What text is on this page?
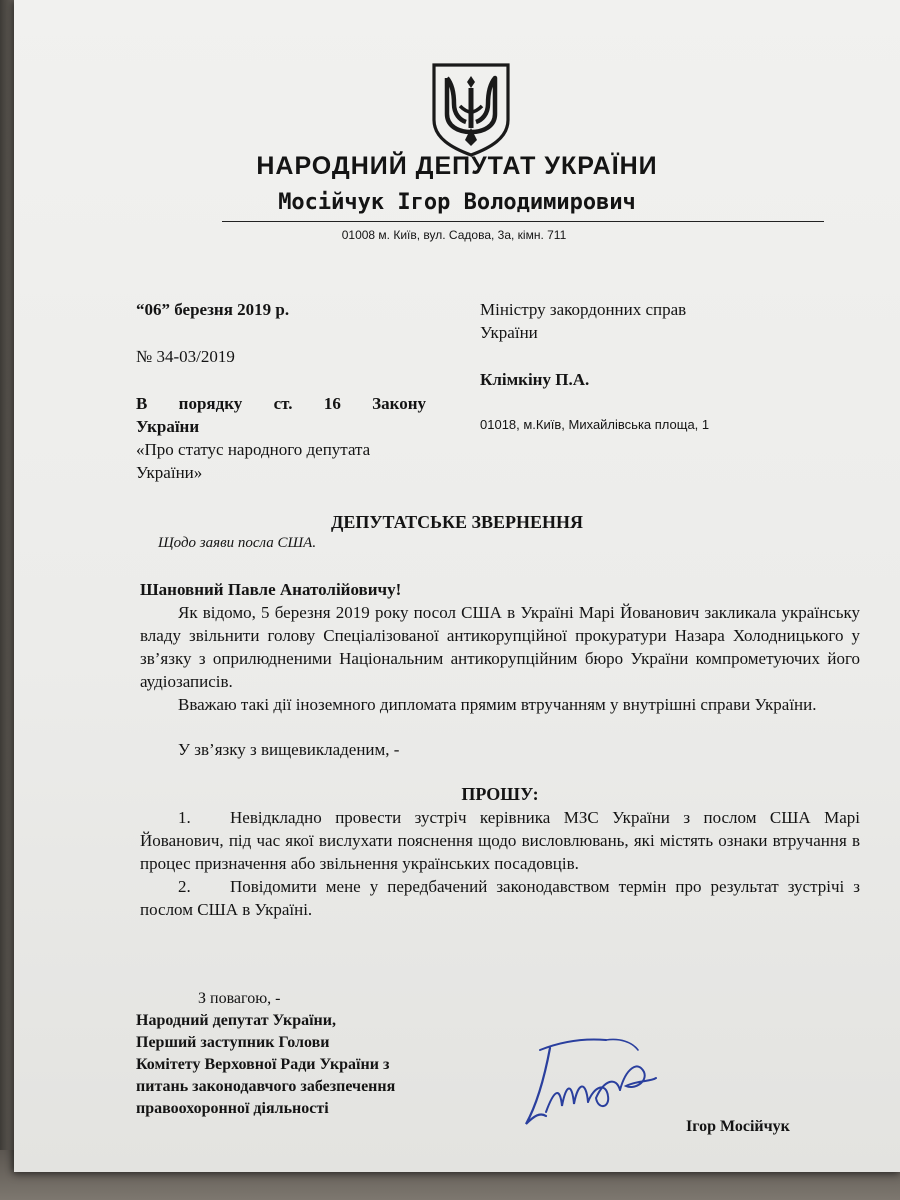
НАРОДНИЙ ДЕПУТАТ УКРАЇНИ
Мосійчук Ігор Володимирович
01008 м. Київ, вул. Садова, 3а, кімн. 711
“06” березня 2019 р.
№ 34-03/2019
В порядку ст. 16 Закону
України
«Про статус народного депутата
України»
Міністру закордонних справ
України
Клімкіну П.А.
01018, м.Київ, Михайлівська площа, 1
ДЕПУТАТСЬКЕ ЗВЕРНЕННЯ
Щодо заяви посла США.

Шановний Павле Анатолійовичу!

Як відомо, 5 березня 2019 року посол США в Україні Марі Йованович закликала українську владу звільнити голову Спеціалізованої антикорупційної прокуратури Назара Холодницького у зв’язку з оприлюдненими Національним антикорупційним бюро України компрометуючих його аудіозаписів.

Вважаю такі дії іноземного дипломата прямим втручанням у внутрішні справи України.

У зв’язку з вищевикладеним, -

ПРОШУ:

1. Невідкладно провести зустріч керівника МЗС України з послом США Марі Йованович, під час якої вислухати пояснення щодо висловлювань, які містять ознаки втручання в процес призначення або звільнення українських посадовців.

2. Повідомити мене у передбачений законодавством термін про результат зустрічі з послом США в Україні.

З повагою, -
Народний депутат України,
Перший заступник Голови
Комітету Верховної Ради України з
питань законодавчого забезпечення
правоохоронної діяльності
Ігор Мосійчук
